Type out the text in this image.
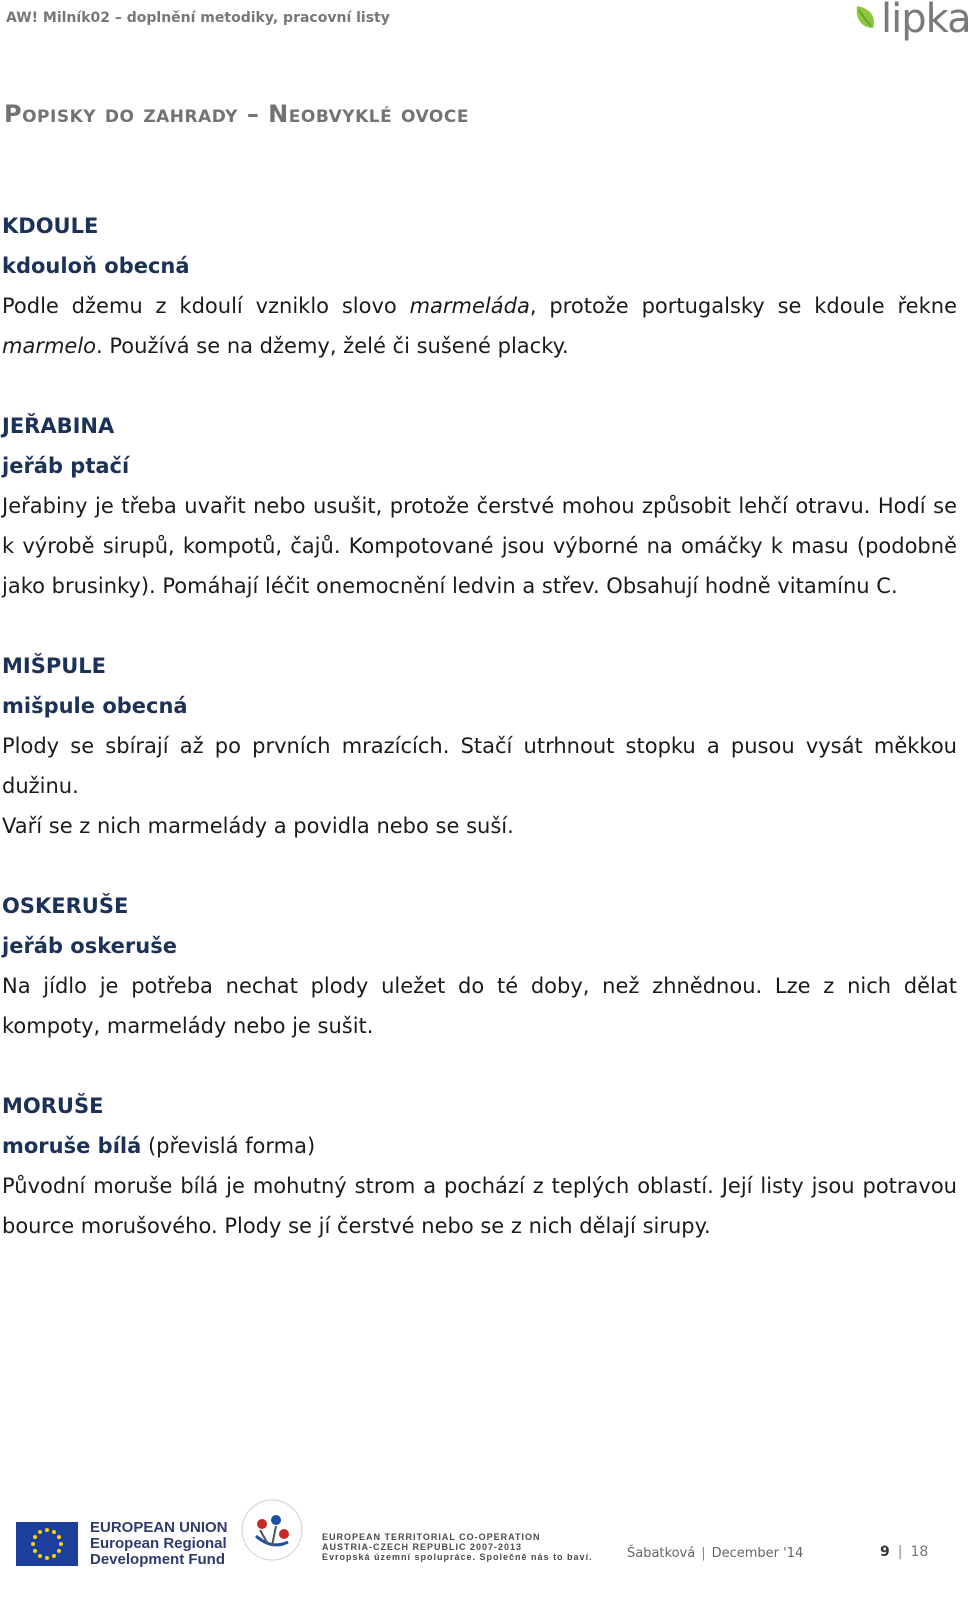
AW! Milník02 – doplnění metodiky, pracovní listy	lipka
Popisky do zahrady – Neobvyklé ovoce

KDOULE

kdouloň obecná

Podle džemu z kdoulí vzniklo slovo marmeláda, protože portugalsky se kdoule řekne marmelo. Používá se na džemy, želé či sušené placky.

JEŘABINA

jeřáb ptačí

Jeřabiny je třeba uvařit nebo usušit, protože čerstvé mohou způsobit lehčí otravu. Hodí se k výrobě sirupů, kompotů, čajů. Kompotované jsou výborné na omáčky k masu (podobně jako brusinky). Pomáhají léčit onemocnění ledvin a střev. Obsahují hodně vitamínu C.

MIŠPULE

mišpule obecná

Plody se sbírají až po prvních mrazících. Stačí utrhnout stopku a pusou vysát měkkou dužinu.

Vaří se z nich marmelády a povidla nebo se suší.

OSKERUŠE

jeřáb oskeruše

Na jídlo je potřeba nechat plody uležet do té doby, než zhnědnou. Lze z nich dělat kompoty, marmelády nebo je sušit.

MORUŠE

moruše bílá (převislá forma)

Původní moruše bílá je mohutný strom a pochází z teplých oblastí. Její listy jsou potravou bource morušového. Plody se jí čerstvé nebo se z nich dělají sirupy.

EUROPEAN UNION
European Regional
Development Fund
EUROPEAN TERRITORIAL CO-OPERATION
AUSTRIA-CZECH REPUBLIC 2007-2013
Evropská územní spolupráce. Společně nás to baví.	Šabatková | December '14	9 | 18
